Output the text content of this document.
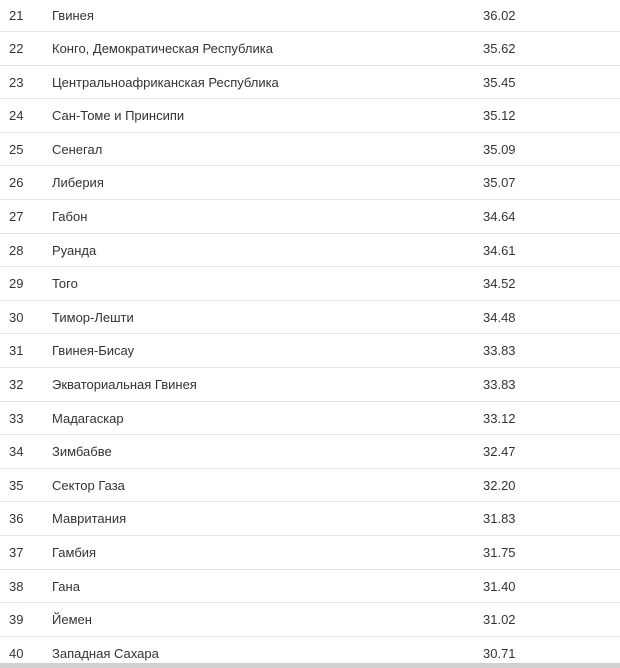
21 Гвинея	36.02
22 Конго, Демократическая Республика	35.62
23 Центральноафриканская Республика	35.45
24 Сан-Томе и Принсипи	35.12
25 Сенегал	35.09
26 Либерия	35.07
27 Габон	34.64
28 Руанда	34.61
29 Того	34.52
30 Тимор-Лешти	34.48
31 Гвинея-Бисау	33.83
32 Экваториальная Гвинея	33.83
33 Мадагаскар	33.12
34 Зимбабве	32.47
35 Сектор Газа	32.20
36 Мавритания	31.83
37 Гамбия	31.75
38 Гана	31.40
39 Йемен	31.02
40 Западная Сахара	30.71
